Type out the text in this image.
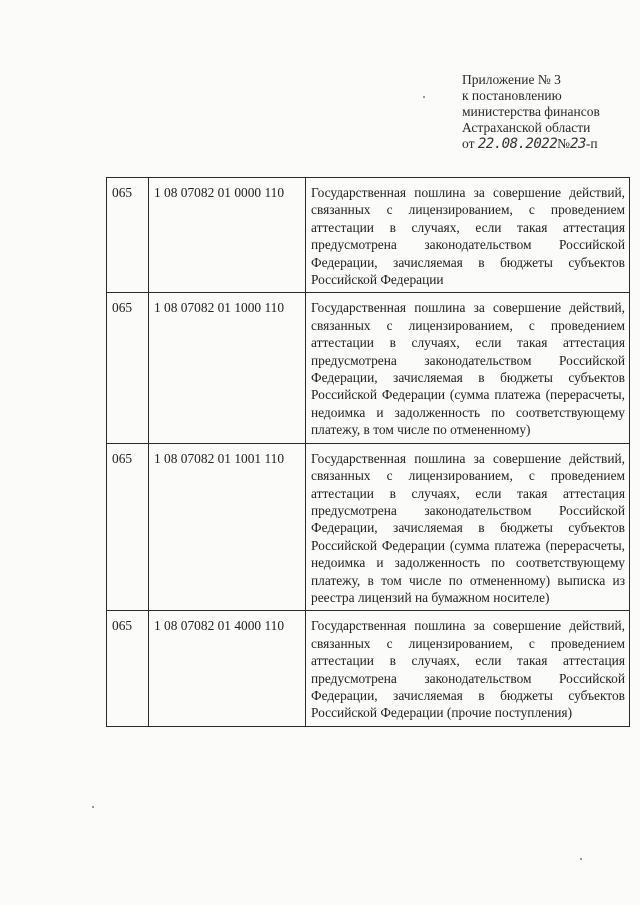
Приложение № 3
к постановлению
министерства финансов
Астраханской области
от 22.08.2022№23-п
065	1 08 07082 01 0000 110	Государственная пошлина за совершение действий, связанных с лицензированием, с проведением аттестации в случаях, если такая аттестация предусмотрена законодательством Российской Федерации, зачисляемая в бюджеты субъектов Российской Федерации
065	1 08 07082 01 1000 110	Государственная пошлина за совершение действий, связанных с лицензированием, с проведением аттестации в случаях, если такая аттестация предусмотрена законодательством Российской Федерации, зачисляемая в бюджеты субъектов Российской Федерации (сумма платежа (перерасчеты, недоимка и задолженность по соответствующему платежу, в том числе по отмененному)
065	1 08 07082 01 1001 110	Государственная пошлина за совершение действий, связанных с лицензированием, с проведением аттестации в случаях, если такая аттестация предусмотрена законодательством Российской Федерации, зачисляемая в бюджеты субъектов Российской Федерации (сумма платежа (перерасчеты, недоимка и задолженность по соответствующему платежу, в том числе по отмененному) выписка из реестра лицензий на бумажном носителе)
065	1 08 07082 01 4000 110	Государственная пошлина за совершение действий, связанных с лицензированием, с проведением аттестации в случаях, если такая аттестация предусмотрена законодательством Российской Федерации, зачисляемая в бюджеты субъектов Российской Федерации (прочие поступления)
